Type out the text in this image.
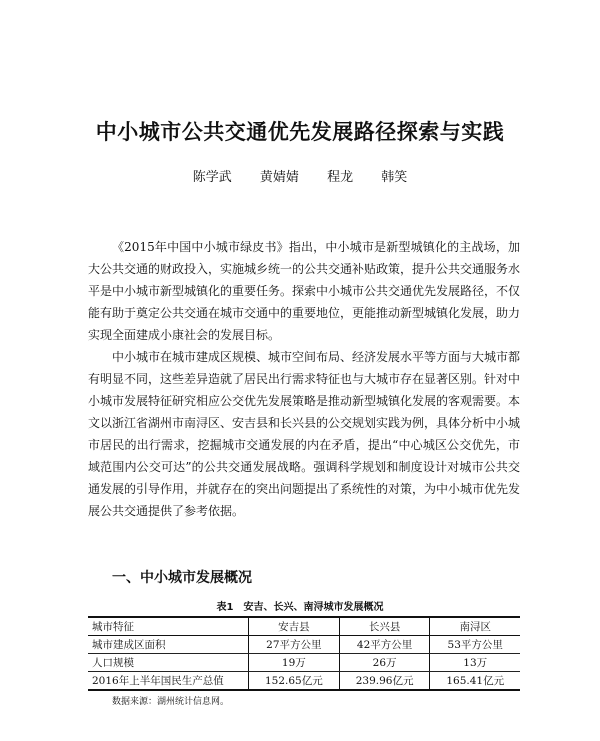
中小城市公共交通优先发展路径探索与实践
陈学武 黄婧婧 程龙 韩笑

《2015年中国中小城市绿皮书》指出，中小城市是新型城镇化的主战场，加大公共交通的财政投入，实施城乡统一的公共交通补贴政策，提升公共交通服务水平是中小城市新型城镇化的重要任务。探索中小城市公共交通优先发展路径，不仅能有助于奠定公共交通在城市交通中的重要地位，更能推动新型城镇化发展，助力实现全面建成小康社会的发展目标。

中小城市在城市建成区规模、城市空间布局、经济发展水平等方面与大城市都有明显不同，这些差异造就了居民出行需求特征也与大城市存在显著区别。针对中小城市发展特征研究相应公交优先发展策略是推动新型城镇化发展的客观需要。本文以浙江省湖州市南浔区、安吉县和长兴县的公交规划实践为例，具体分析中小城市居民的出行需求，挖掘城市交通发展的内在矛盾，提出“中心城区公交优先，市域范围内公交可达”的公共交通发展战略。强调科学规划和制度设计对城市公共交通发展的引导作用，并就存在的突出问题提出了系统性的对策，为中小城市优先发展公共交通提供了参考依据。

一、中小城市发展概况
表1　安吉、长兴、南浔城市发展概况
城市特征	安吉县	长兴县	南浔区
城市建成区面积	27平方公里	42平方公里	53平方公里
人口规模	19万	26万	13万
2016年上半年国民生产总值	152.65亿元	239.96亿元	165.41亿元
数据来源：湖州统计信息网。
